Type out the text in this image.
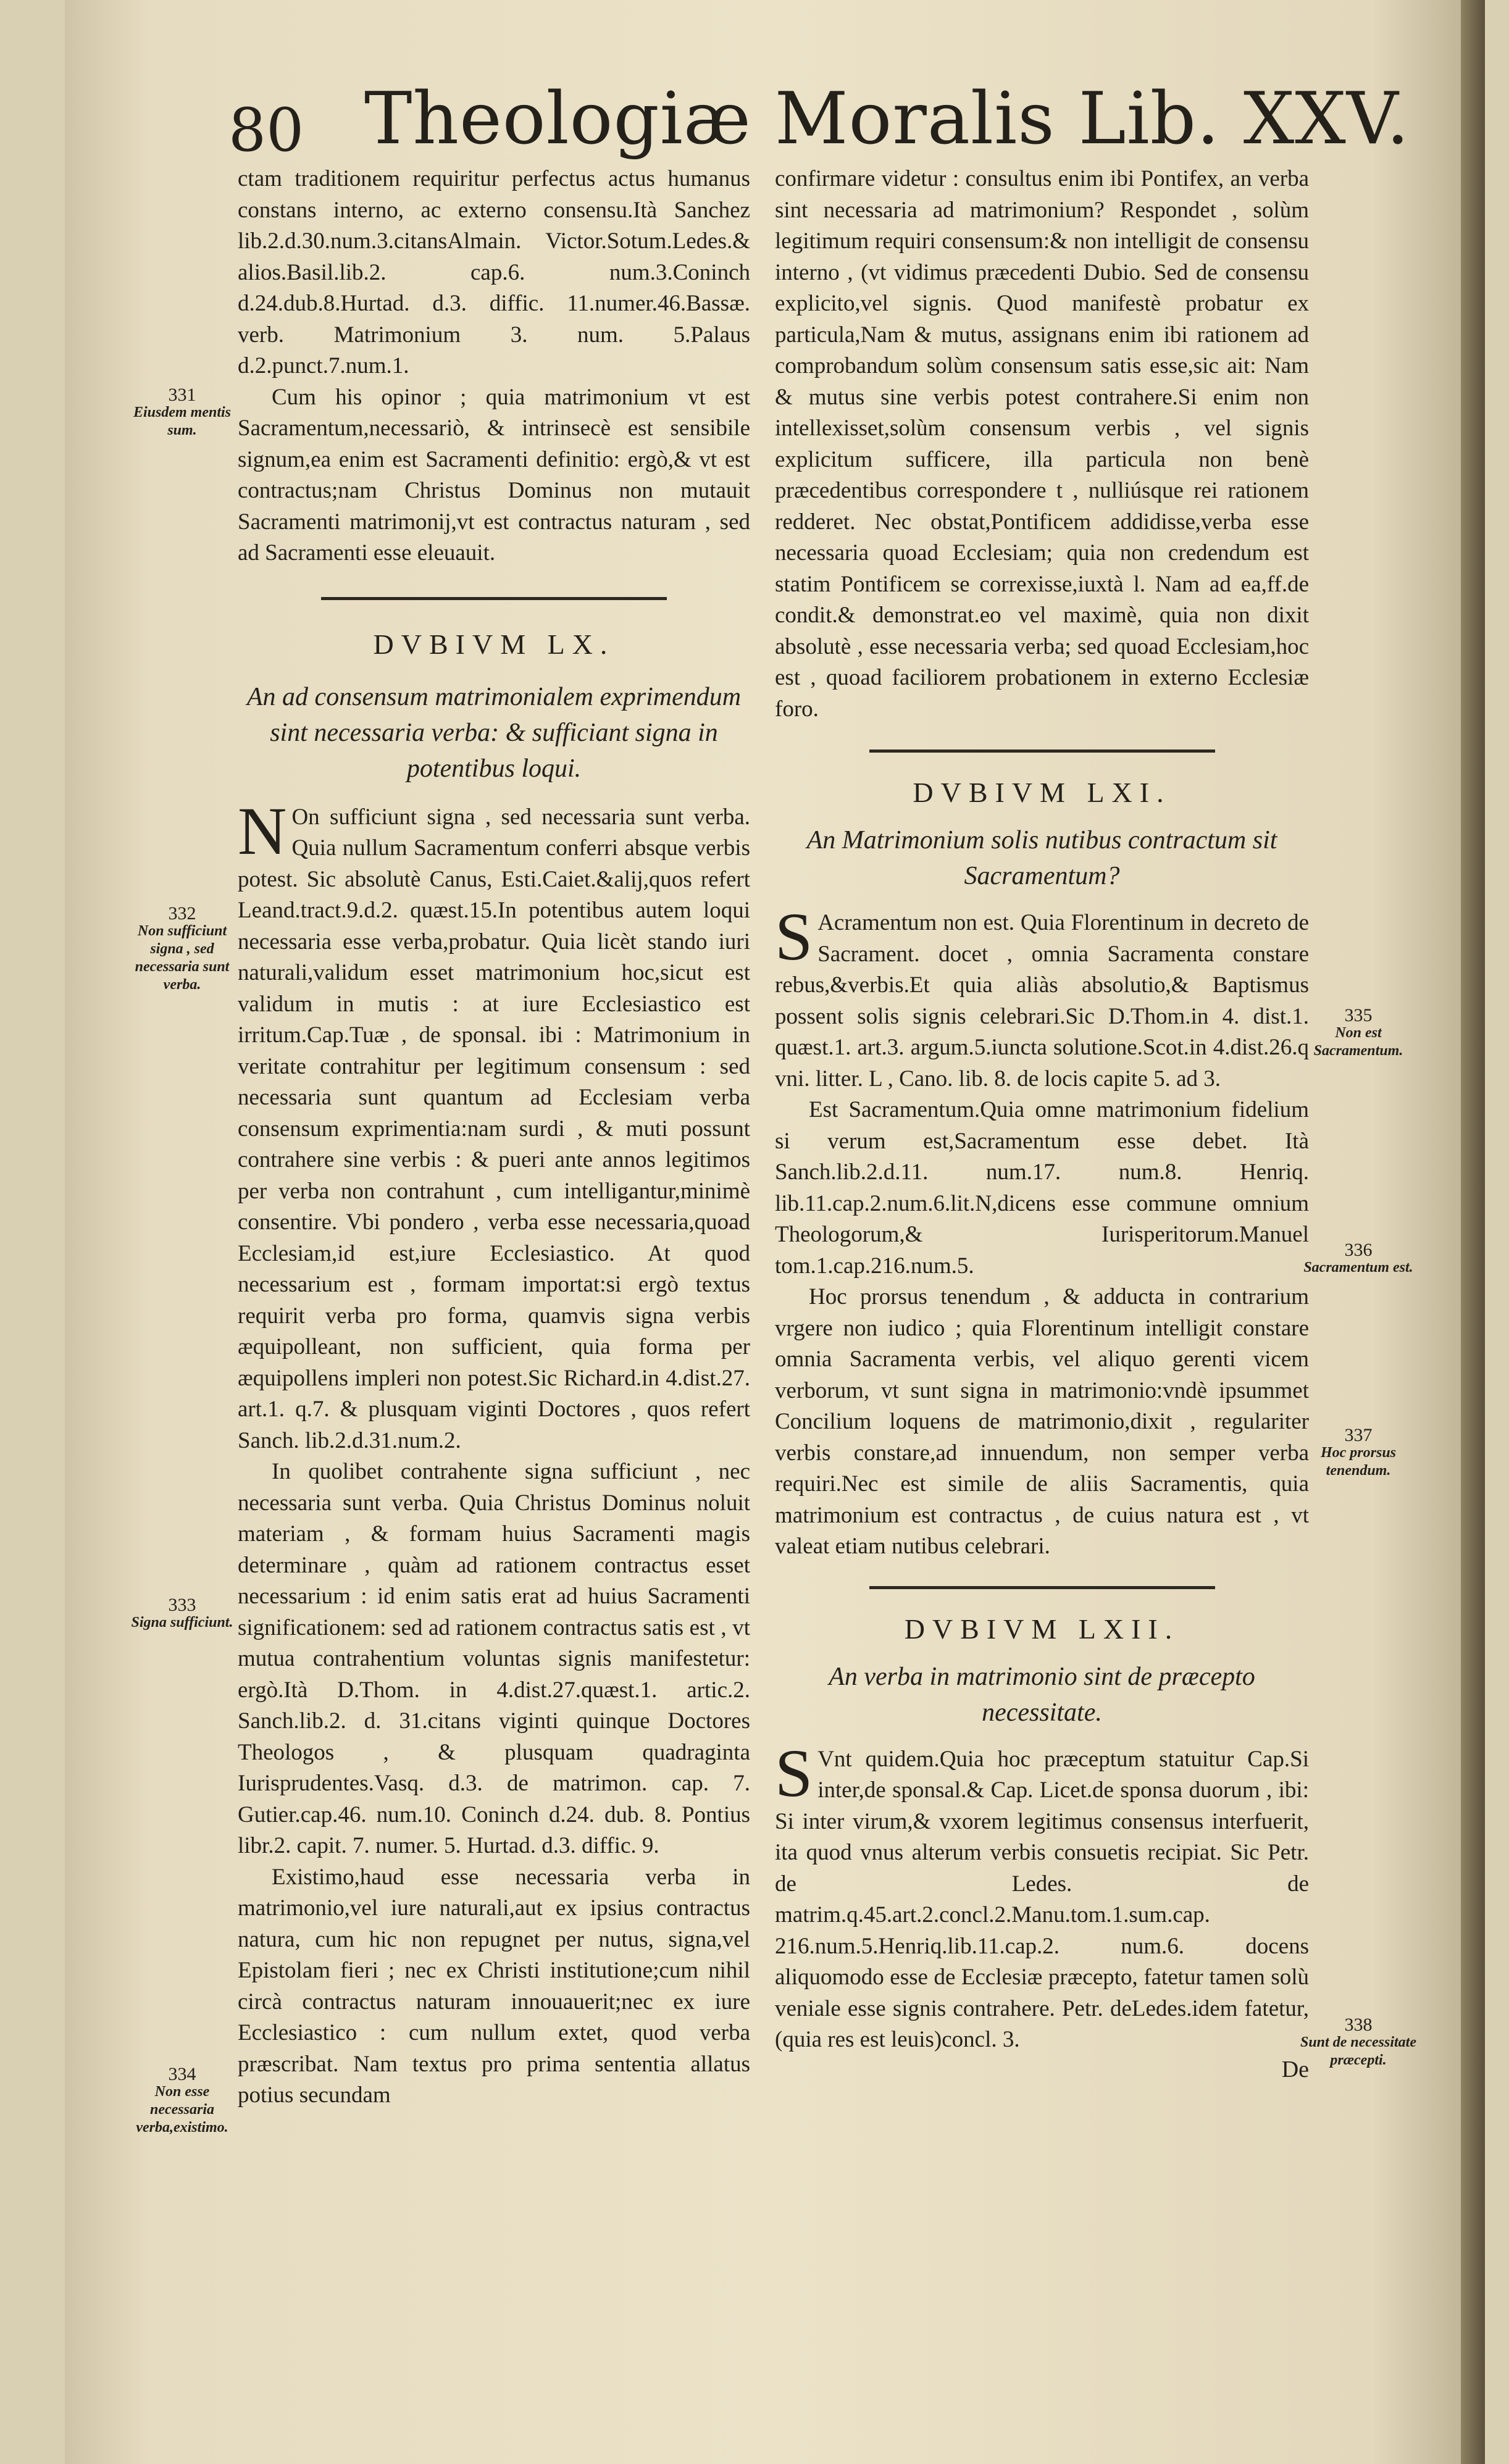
80 Theologiæ Moralis Lib. XXV.

ctam traditionem requiritur perfectus actus humanus constans interno, ac externo consensu.Ità Sanchez lib.2.d.30.num.3.citansAlmain. Victor.Sotum.Ledes.& alios.Basil.lib.2. cap.6. num.3.Coninch d.24.dub.8.Hurtad. d.3. diffic. 11.numer.46.Bassæ. verb. Matrimonium 3. num. 5.Palaus d.2.punct.7.num.1.

Cum his opinor ; quia matrimonium vt est Sacramentum,necessariò, & intrinsecè est sensibile signum,ea enim est Sacramenti definitio: ergò,& vt est contractus;nam Christus Dominus non mutauit Sacramenti matrimonij,vt est contractus naturam , sed ad Sacramenti esse eleuauit.

DVBIVM LX.

An ad consensum matrimonialem exprimendum sint necessaria verba: & sufficiant signa in potentibus loqui.

N On sufficiunt signa , sed necessaria sunt verba. Quia nullum Sacramentum conferri absque verbis potest. Sic absolutè Canus, Esti.Caiet.&alij,quos refert Leand.tract.9.d.2. quæst.15.In potentibus autem loqui necessaria esse verba,probatur. Quia licèt stando iuri naturali,validum esset matrimonium hoc,sicut est validum in mutis : at iure Ecclesiastico est irritum.Cap.Tuæ , de sponsal. ibi : Matrimonium in veritate contrahitur per legitimum consensum : sed necessaria sunt quantum ad Ecclesiam verba consensum exprimentia:nam surdi , & muti possunt contrahere sine verbis : & pueri ante annos legitimos per verba non contrahunt , cum intelligantur,minimè consentire. Vbi pondero , verba esse necessaria,quoad Ecclesiam,id est,iure Ecclesiastico. At quod necessarium est , formam importat:si ergò textus requirit verba pro forma, quamvis signa verbis æquipolleant, non sufficient, quia forma per æquipollens impleri non potest.Sic Richard.in 4.dist.27. art.1. q.7. & plusquam viginti Doctores , quos refert Sanch. lib.2.d.31.num.2.

In quolibet contrahente signa sufficiunt , nec necessaria sunt verba. Quia Christus Dominus noluit materiam , & formam huius Sacramenti magis determinare , quàm ad rationem contractus esset necessarium : id enim satis erat ad huius Sacramenti significationem: sed ad rationem contractus satis est , vt mutua contrahentium voluntas signis manifestetur: ergò.Ità D.Thom. in 4.dist.27.quæst.1. artic.2. Sanch.lib.2. d. 31.citans viginti quinque Doctores Theologos , & plusquam quadraginta Iurisprudentes.Vasq. d.3. de matrimon. cap. 7. Gutier.cap.46. num.10. Coninch d.24. dub. 8. Pontius libr.2. capit. 7. numer. 5. Hurtad. d.3. diffic. 9.

Existimo,haud esse necessaria verba in matrimonio,vel iure naturali,aut ex ipsius contractus natura, cum hic non repugnet per nutus, signa,vel Epistolam fieri ; nec ex Christi institutione;cum nihil circà contractus naturam innouauerit;nec ex iure Ecclesiastico : cum nullum extet, quod verba præscribat. Nam textus pro prima sententia allatus potius secundam

confirmare videtur : consultus enim ibi Pontifex, an verba sint necessaria ad matrimonium? Respondet , solùm legitimum requiri consensum:& non intelligit de consensu interno , (vt vidimus præcedenti Dubio. Sed de consensu explicito,vel signis. Quod manifestè probatur ex particula,Nam & mutus, assignans enim ibi rationem ad comprobandum solùm consensum satis esse,sic ait: Nam & mutus sine verbis potest contrahere.Si enim non intellexisset,solùm consensum verbis , vel signis explicitum sufficere, illa particula non benè præcedentibus correspondere t , nulliúsque rei rationem redderet. Nec obstat,Pontificem addidisse,verba esse necessaria quoad Ecclesiam; quia non credendum est statim Pontificem se correxisse,iuxtà l. Nam ad ea,ff.de condit.& demonstrat.eo vel maximè, quia non dixit absolutè , esse necessaria verba; sed quoad Ecclesiam,hoc est , quoad faciliorem probationem in externo Ecclesiæ foro.

DVBIVM LXI.

An Matrimonium solis nutibus contractum sit Sacramentum?

S Acramentum non est. Quia Florentinum in decreto de Sacrament. docet , omnia Sacramenta constare rebus,&verbis.Et quia aliàs absolutio,& Baptismus possent solis signis celebrari.Sic D.Thom.in 4. dist.1. quæst.1. art.3. argum.5.iuncta solutione.Scot.in 4.dist.26.q vni. litter. L , Cano. lib. 8. de locis capite 5. ad 3.

Est Sacramentum.Quia omne matrimonium fidelium si verum est,Sacramentum esse debet. Ità Sanch.lib.2.d.11. num.17. num.8. Henriq. lib.11.cap.2.num.6.lit.N,dicens esse commune omnium Theologorum,& Iurisperitorum.Manuel tom.1.cap.216.num.5.

Hoc prorsus tenendum , & adducta in contrarium vrgere non iudico ; quia Florentinum intelligit constare omnia Sacramenta verbis, vel aliquo gerenti vicem verborum, vt sunt signa in matrimonio:vndè ipsummet Concilium loquens de matrimonio,dixit , regulariter verbis constare,ad innuendum, non semper verba requiri.Nec est simile de aliis Sacramentis, quia matrimonium est contractus , de cuius natura est , vt valeat etiam nutibus celebrari.

DVBIVM LXII.

An verba in matrimonio sint de præcepto necessitate.

S Vnt quidem.Quia hoc præceptum statuitur Cap.Si inter,de sponsal.& Cap. Licet.de sponsa duorum , ibi: Si inter virum,& vxorem legitimus consensus interfuerit, ita quod vnus alterum verbis consuetis recipiat. Sic Petr. de Ledes. de matrim.q.45.art.2.concl.2.Manu.tom.1.sum.cap. 216.num.5.Henriq.lib.11.cap.2. num.6. docens aliquomodo esse de Ecclesiæ præcepto, fatetur tamen solù veniale esse signis contrahere. Petr. deLedes.idem fatetur,(quia res est leuis)concl. 3.

De
331
Eiusdem mentis sum.
332
Non sufficiunt signa , sed necessaria sunt verba.
333
Signa sufficiunt.
334
Non esse necessaria verba,existimo.
335
Non est Sacramentum.
336
Sacramentum est.
337
Hoc prorsus tenendum.
338
Sunt de necessitate præcepti.
